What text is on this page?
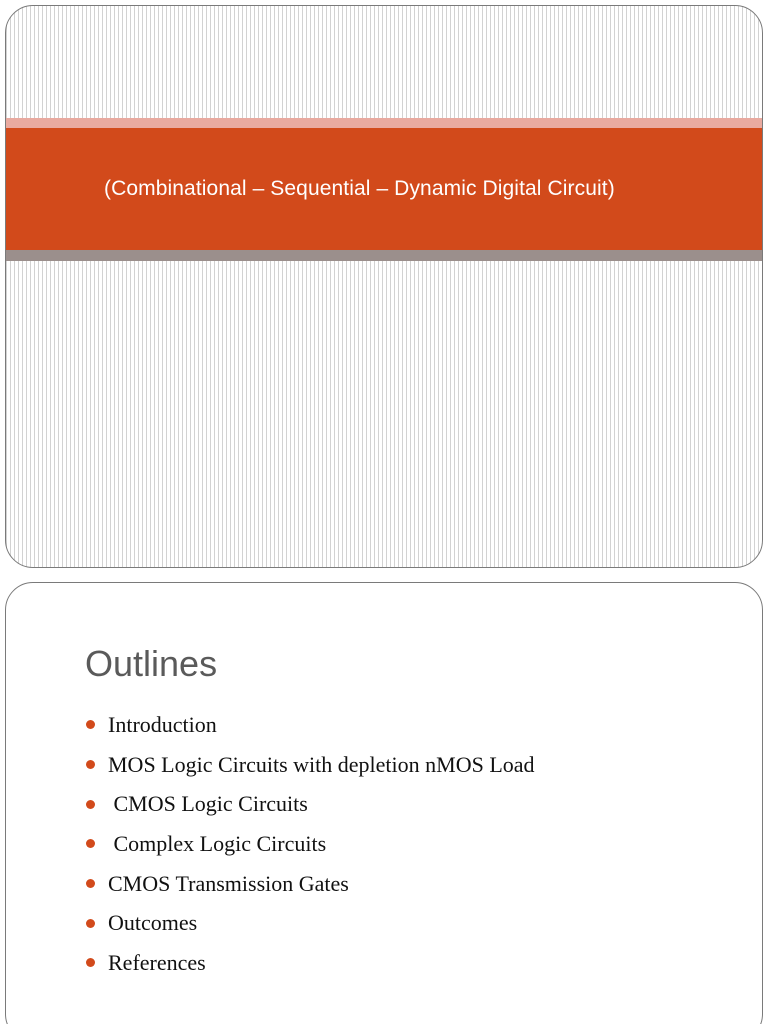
(Combinational – Sequential – Dynamic Digital Circuit)
Outlines
Introduction
MOS Logic Circuits with depletion nMOS Load
CMOS Logic Circuits
Complex Logic Circuits
CMOS Transmission Gates
Outcomes
References
